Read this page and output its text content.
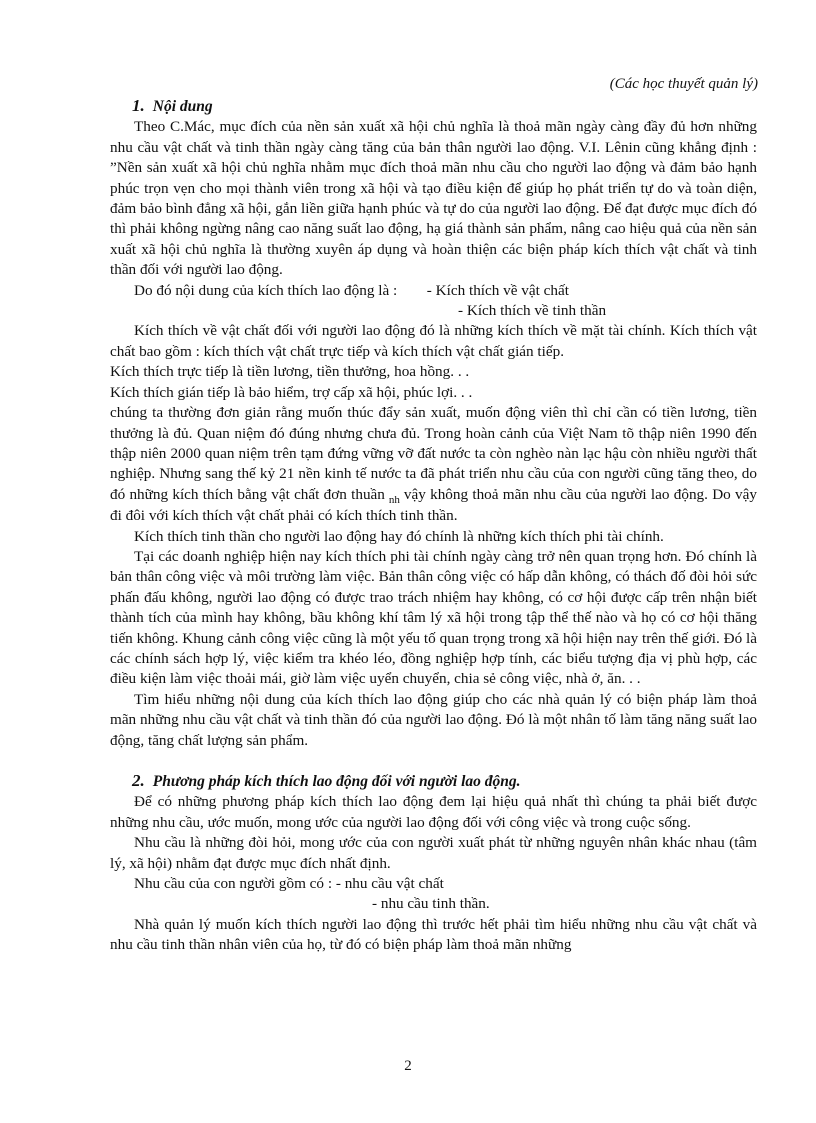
(Các học thuyết quản lý)
1. Nội dung

Theo C.Mác, mục đích của nền sản xuất xã hội chủ nghĩa là thoả mãn ngày càng đầy đủ hơn những nhu cầu vật chất và tinh thần ngày càng tăng của bản thân người lao động. V.I. Lênin cũng khẳng định : ”Nền sản xuất xã hội chủ nghĩa nhằm mục đích thoả mãn nhu cầu cho người lao động và đảm bảo hạnh phúc trọn vẹn cho mọi thành viên trong xã hội và tạo điều kiện để giúp họ phát triển tự do và toàn diện, đảm bảo bình đẳng xã hội, gắn liền giữa hạnh phúc và tự do của người lao động. Để đạt được mục đích đó thì phải không ngừng nâng cao năng suất lao động, hạ giá thành sản phẩm, nâng cao hiệu quả của nền sản xuất xã hội chủ nghĩa là thường xuyên áp dụng và hoàn thiện các biện pháp kích thích vật chất và tinh thần đối với người lao động.

Do đó nội dung của kích thích lao động là : - Kích thích về vật chất

- Kích thích về tinh thần

Kích thích về vật chất đối với người lao động đó là những kích thích về mặt tài chính. Kích thích vật chất bao gồm : kích thích vật chất trực tiếp và kích thích vật chất gián tiếp.

Kích thích trực tiếp là tiền lương, tiền thưởng, hoa hồng. . .

Kích thích gián tiếp là bảo hiểm, trợ cấp xã hội, phúc lợi. . .

chúng ta thường đơn giản rằng muốn thúc đẩy sản xuất, muốn động viên thì chỉ cần có tiền lương, tiền thưởng là đủ. Quan niệm đó đúng nhưng chưa đủ. Trong hoàn cảnh của Việt Nam tõ thập niên 1990 đến thập niên 2000 quan niệm trên tạm đứng vững vỡ đất nước ta còn nghèo nàn lạc hậu còn nhiều người thất nghiệp. Nhưng sang thế kỷ 21 nền kinh tế nước ta đã phát triển nhu cầu của con người cũng tăng theo, do đó những kích thích bằng vật chất đơn thuần $_{nh}$ vậy không thoả mãn nhu cầu của người lao động. Do vậy đi đôi với kích thích vật chất phải có kích thích tinh thần.

Kích thích tinh thần cho người lao động hay đó chính là những kích thích phi tài chính.

Tại các doanh nghiệp hiện nay kích thích phi tài chính ngày càng trở nên quan trọng hơn. Đó chính là bản thân công việc và môi trường làm việc. Bản thân công việc có hấp dẫn không, có thách đố đòi hỏi sức phấn đấu không, người lao động có được trao trách nhiệm hay không, có cơ hội được cấp trên nhận biết thành tích của mình hay không, bầu không khí tâm lý xã hội trong tập thể thế nào và họ có cơ hội thăng tiến không. Khung cảnh công việc cũng là một yếu tố quan trọng trong xã hội hiện nay trên thế giới. Đó là các chính sách hợp lý, việc kiểm tra khéo léo, đồng nghiệp hợp tính, các biểu tượng địa vị phù hợp, các điều kiện làm việc thoải mái, giờ làm việc uyển chuyển, chia sẻ công việc, nhà ở, ăn. . .

Tìm hiểu những nội dung của kích thích lao động giúp cho các nhà quản lý có biện pháp làm thoả mãn những nhu cầu vật chất và tinh thần đó của người lao động. Đó là một nhân tố làm tăng năng suất lao động, tăng chất lượng sản phẩm.

2. Phương pháp kích thích lao động đối với người lao động.

Để có những phương pháp kích thích lao động đem lại hiệu quả nhất thì chúng ta phải biết được những nhu cầu, ước muốn, mong ước của người lao động đối với công việc và trong cuộc sống.

Nhu cầu là những đòi hỏi, mong ước của con người xuất phát từ những nguyên nhân khác nhau (tâm lý, xã hội) nhằm đạt được mục đích nhất định.

Nhu cầu của con người gồm có : - nhu cầu vật chất

- nhu cầu tinh thần.

Nhà quản lý muốn kích thích người lao động thì trước hết phải tìm hiểu những nhu cầu vật chất và nhu cầu tinh thần nhân viên của họ, từ đó có biện pháp làm thoả mãn những

2
